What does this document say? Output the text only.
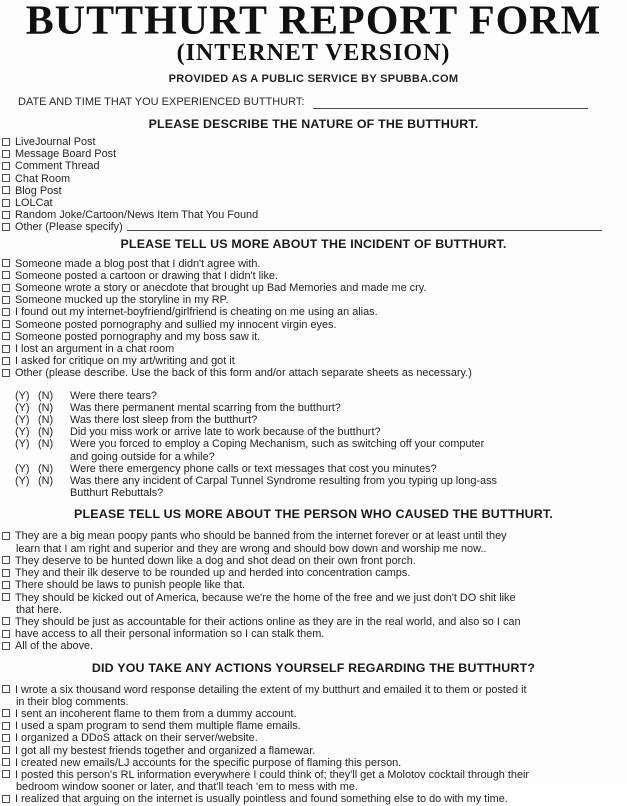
BUTTHURT REPORT FORM
(INTERNET VERSION)
PROVIDED AS A PUBLIC SERVICE BY SPUBBA.COM
DATE AND TIME THAT YOU EXPERIENCED BUTTHURT:
PLEASE DESCRIBE THE NATURE OF THE BUTTHURT.
LiveJournal Post
Message Board Post
Comment Thread
Chat Room
Blog Post
LOLCat
Random Joke/Cartoon/News Item That You Found
Other (Please specify)
PLEASE TELL US MORE ABOUT THE INCIDENT OF BUTTHURT.
Someone made a blog post that I didn't agree with.
Someone posted a cartoon or drawing that I didn't like.
Someone wrote a story or anecdote that brought up Bad Memories and made me cry.
Someone mucked up the storyline in my RP.
I found out my internet-boyfriend/girlfriend is cheating on me using an alias.
Someone posted pornography and sullied my innocent virgin eyes.
Someone posted pornography and my boss saw it.
I lost an argument in a chat room
I asked for critique on my art/writing and got it
Other (please describe. Use the back of this form and/or attach separate sheets as necessary.)
(Y) (N)	Were there tears?
(Y) (N)	Was there permanent mental scarring from the butthurt?
(Y) (N)	Was there lost sleep from the butthurt?
(Y) (N)	Did you miss work or arrive late to work because of the butthurt?
(Y) (N)	Were you forced to employ a Coping Mechanism, such as switching off your computer
and going outside for a while?
(Y) (N)	Were there emergency phone calls or text messages that cost you minutes?
(Y) (N)	Was there any incident of Carpal Tunnel Syndrome resulting from you typing up long-ass
Butthurt Rebuttals?
PLEASE TELL US MORE ABOUT THE PERSON WHO CAUSED THE BUTTHURT.
They are a big mean poopy pants who should be banned from the internet forever or at least until they
learn that I am right and superior and they are wrong and should bow down and worship me now..
They deserve to be hunted down like a dog and shot dead on their own front porch.
They and their ilk deserve to be rounded up and herded into concentration camps.
There should be laws to punish people like that.
They should be kicked out of America, because we're the home of the free and we just don't DO shit like
that here.
They should be just as accountable for their actions online as they are in the real world, and also so I can
have access to all their personal information so I can stalk them.
All of the above.
DID YOU TAKE ANY ACTIONS YOURSELF REGARDING THE BUTTHURT?
I wrote a six thousand word response detailing the extent of my butthurt and emailed it to them or posted it
in their blog comments.
I sent an incoherent flame to them from a dummy account.
I used a spam program to send them multiple flame emails.
I organized a DDoS attack on their server/website.
I got all my bestest friends together and organized a flamewar.
I created new emails/LJ accounts for the specific purpose of flaming this person.
I posted this person's RL information everywhere I could think of; they'll get a Molotov cocktail through their
bedroom window sooner or later, and that'll teach 'em to mess with me.
I realized that arguing on the internet is usually pointless and found something else to do with my time.
